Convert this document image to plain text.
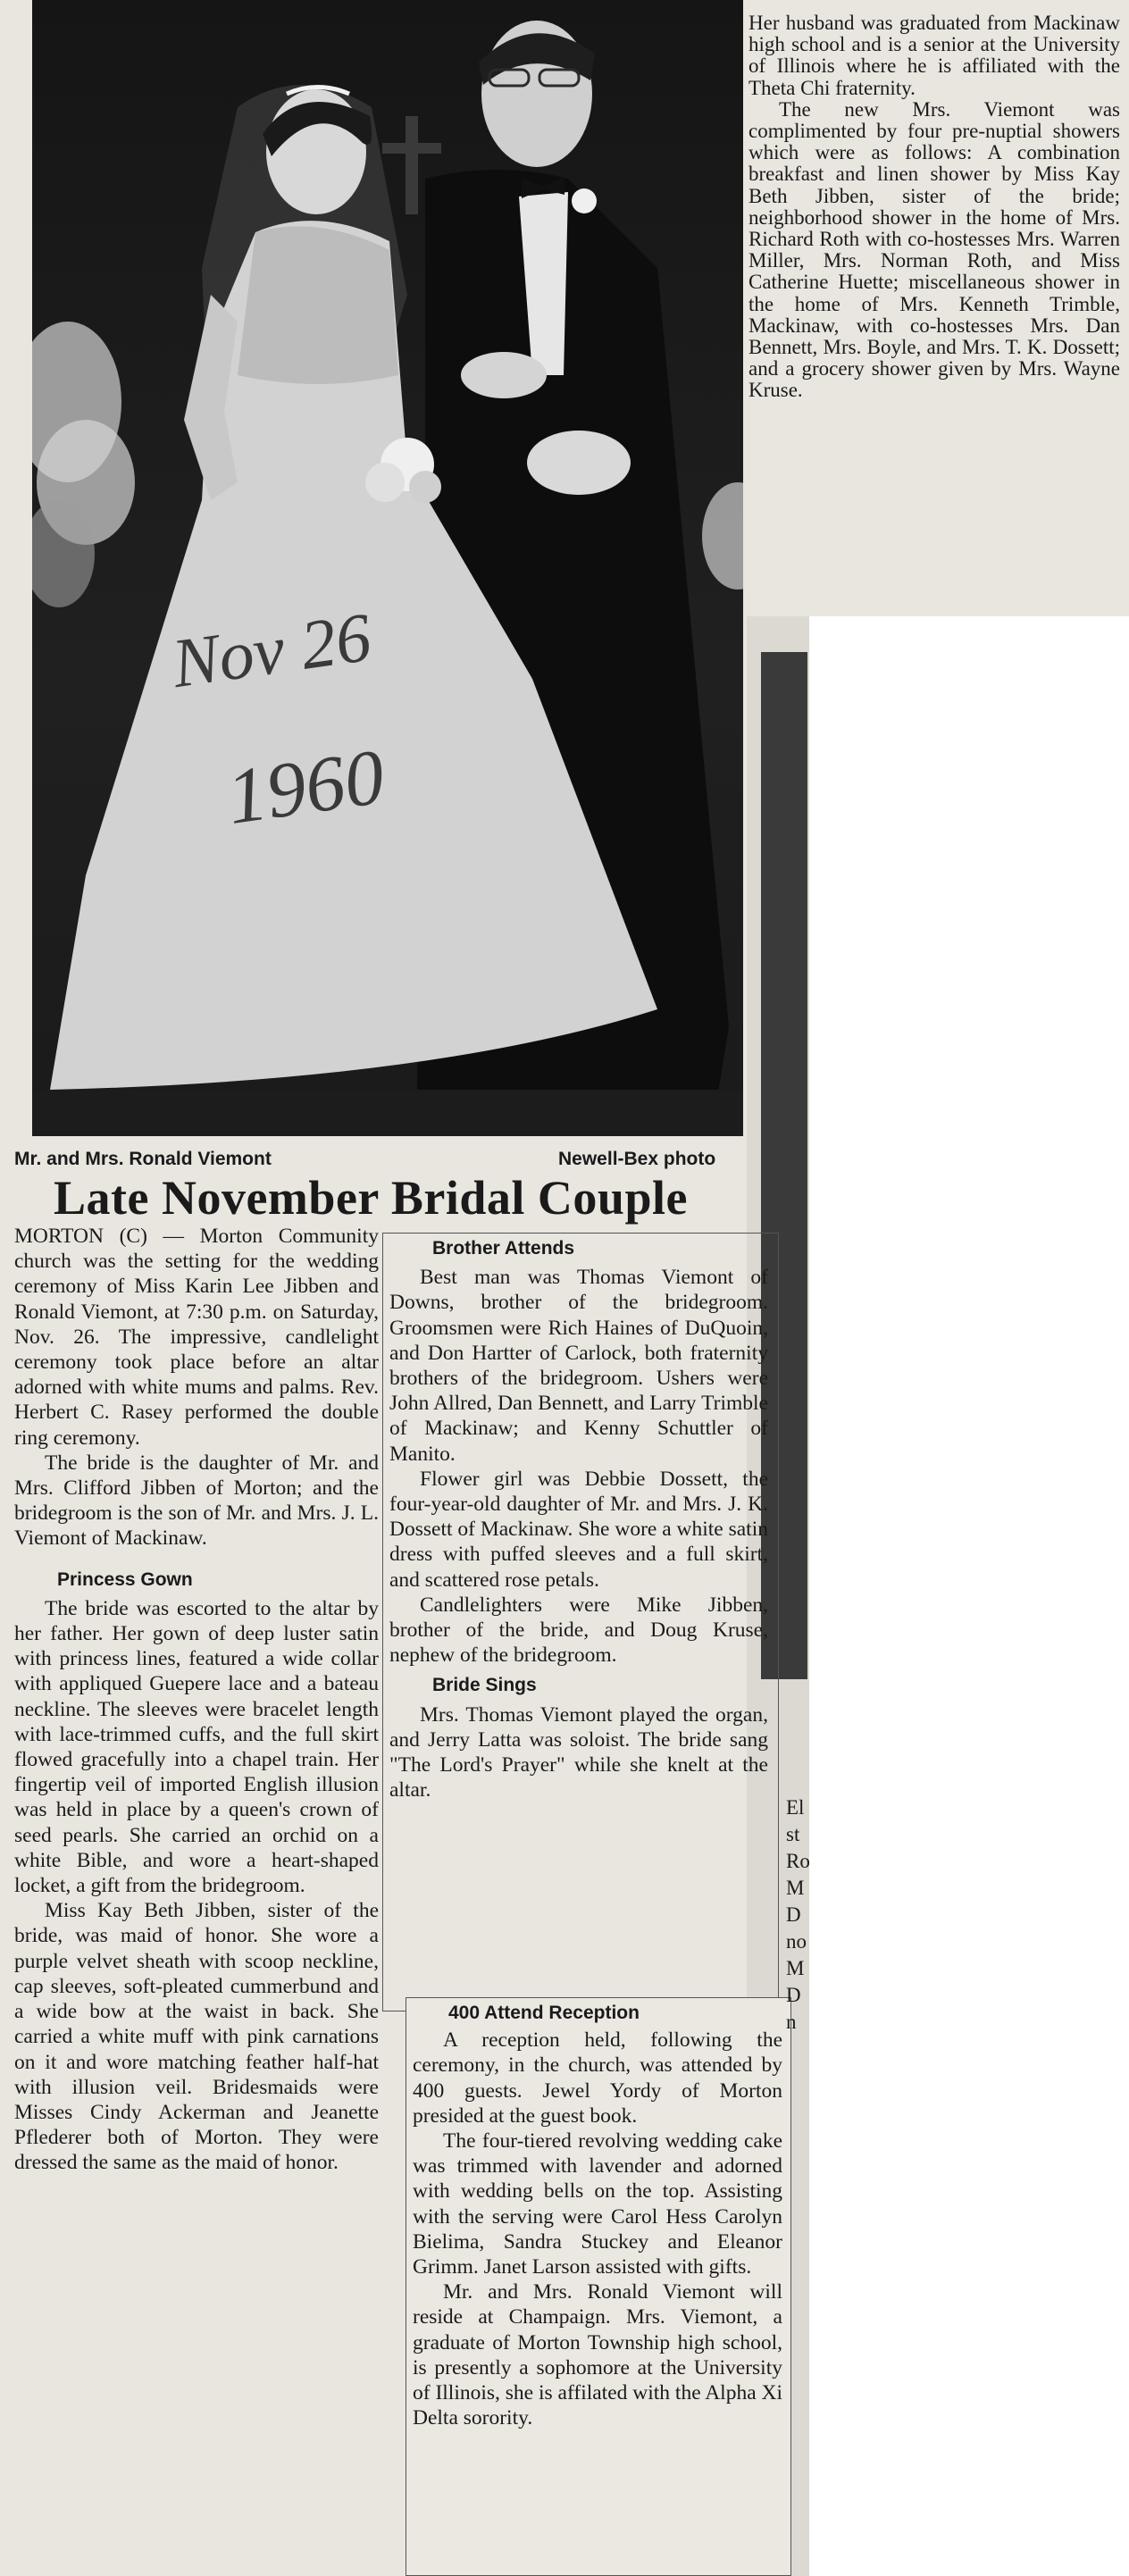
Nov 26
1960

Her husband was graduated from Mackinaw high school and is a senior at the University of Illinois where he is affiliated with the Theta Chi fraternity.

The new Mrs. Viemont was complimented by four pre-nuptial showers which were as follows: A combination breakfast and linen shower by Miss Kay Beth Jibben, sister of the bride; neighborhood shower in the home of Mrs. Richard Roth with co-hostesses Mrs. Warren Miller, Mrs. Norman Roth, and Miss Catherine Huette; miscellaneous shower in the home of Mrs. Kenneth Trimble, Mackinaw, with co-hostesses Mrs. Dan Bennett, Mrs. Boyle, and Mrs. T. K. Dossett; and a grocery shower given by Mrs. Wayne Kruse.

Mr. and Mrs. Ronald Viemont	Newell-Bex photo
Late November Bridal Couple

MORTON (C) — Morton Community church was the setting for the wedding ceremony of Miss Karin Lee Jibben and Ronald Viemont, at 7:30 p.m. on Saturday, Nov. 26. The impressive, candlelight ceremony took place before an altar adorned with white mums and palms. Rev. Herbert C. Rasey performed the double ring ceremony.

The bride is the daughter of Mr. and Mrs. Clifford Jibben of Morton; and the bridegroom is the son of Mr. and Mrs. J. L. Viemont of Mackinaw.

Princess Gown

The bride was escorted to the altar by her father. Her gown of deep luster satin with princess lines, featured a wide collar with appliqued Guepere lace and a bateau neckline. The sleeves were bracelet length with lace-trimmed cuffs, and the full skirt flowed gracefully into a chapel train. Her fingertip veil of imported English illusion was held in place by a queen's crown of seed pearls. She carried an orchid on a white Bible, and wore a heart-shaped locket, a gift from the bridegroom.

Miss Kay Beth Jibben, sister of the bride, was maid of honor. She wore a purple velvet sheath with scoop neckline, cap sleeves, soft-pleated cummerbund and a wide bow at the waist in back. She carried a white muff with pink carnations on it and wore matching feather half-hat with illusion veil. Bridesmaids were Misses Cindy Ackerman and Jeanette Pflederer both of Morton. They were dressed the same as the maid of honor.

Brother Attends

Best man was Thomas Viemont of Downs, brother of the bridegroom. Groomsmen were Rich Haines of DuQuoin, and Don Hartter of Carlock, both fraternity brothers of the bridegroom. Ushers were John Allred, Dan Bennett, and Larry Trimble of Mackinaw; and Kenny Schuttler of Manito.

Flower girl was Debbie Dossett, the four-year-old daughter of Mr. and Mrs. J. K. Dossett of Mackinaw. She wore a white satin dress with puffed sleeves and a full skirt, and scattered rose petals.

Candlelighters were Mike Jibben, brother of the bride, and Doug Kruse, nephew of the bridegroom.

Bride Sings

Mrs. Thomas Viemont played the organ, and Jerry Latta was soloist. The bride sang "The Lord's Prayer" while she knelt at the altar.

400 Attend Reception

A reception held, following the ceremony, in the church, was attended by 400 guests. Jewel Yordy of Morton presided at the guest book.

The four-tiered revolving wedding cake was trimmed with lavender and adorned with wedding bells on the top. Assisting with the serving were Carol Hess Carolyn Bielima, Sandra Stuckey and Eleanor Grimm. Janet Larson assisted with gifts.

Mr. and Mrs. Ronald Viemont will reside at Champaign. Mrs. Viemont, a graduate of Morton Township high school, is presently a sophomore at the University of Illinois, she is affilated with the Alpha Xi Delta sorority.

El
st
Ro
M
D
no
M
D
n
